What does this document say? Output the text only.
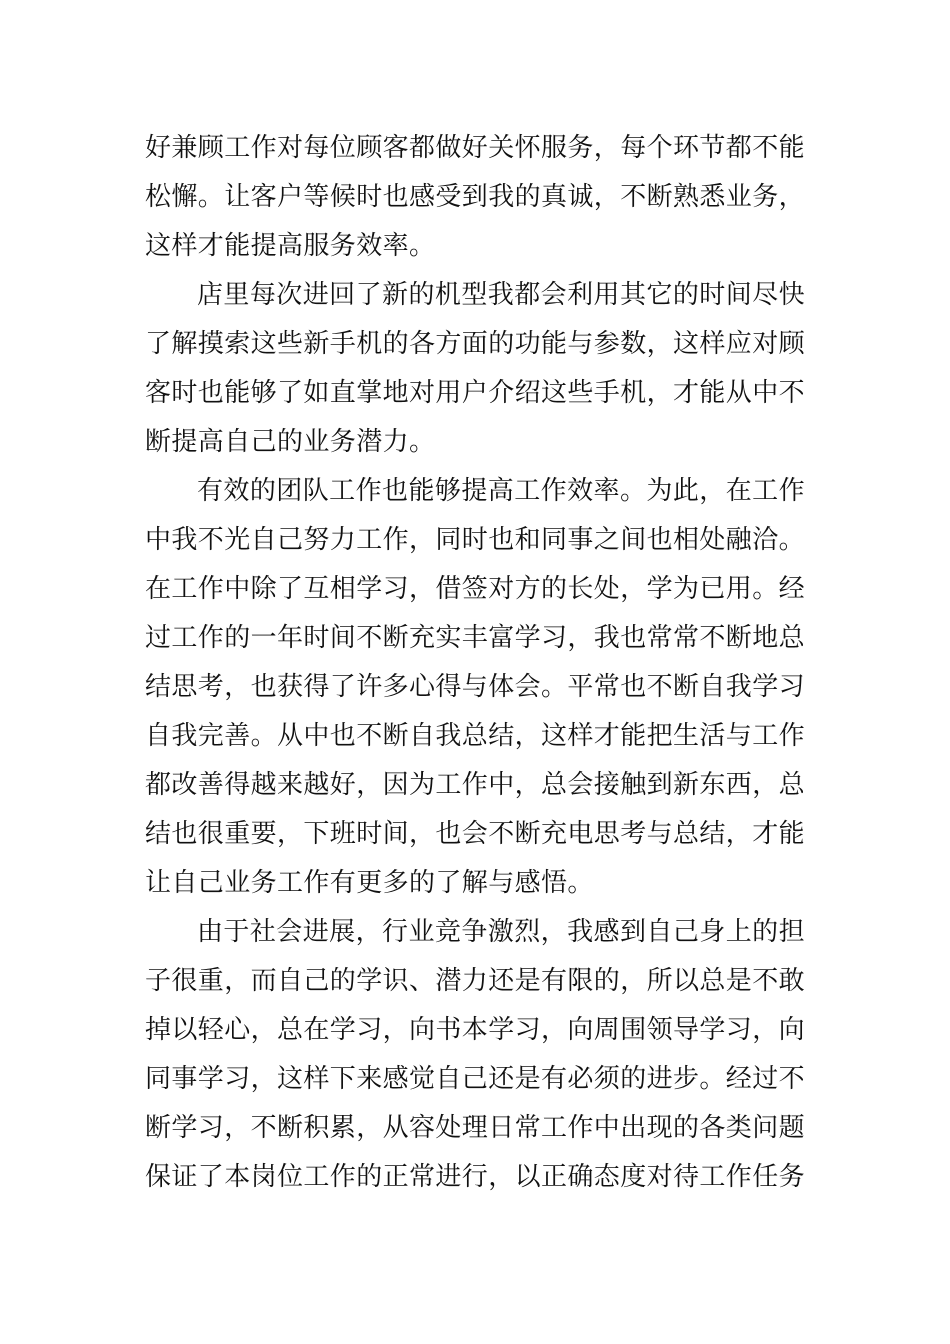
好兼顾工作对每位顾客都做好关怀服务，每个环节都不能
松懈。让客户等候时也感受到我的真诚，不断熟悉业务，
这样才能提高服务效率。
店里每次进回了新的机型我都会利用其它的时间尽快
了解摸索这些新手机的各方面的功能与参数，这样应对顾
客时也能够了如直掌地对用户介绍这些手机，才能从中不
断提高自己的业务潜力。
有效的团队工作也能够提高工作效率。为此，在工作
中我不光自己努力工作，同时也和同事之间也相处融洽。
在工作中除了互相学习，借签对方的长处，学为已用。经
过工作的一年时间不断充实丰富学习，我也常常不断地总
结思考，也获得了许多心得与体会。平常也不断自我学习
自我完善。从中也不断自我总结，这样才能把生活与工作
都改善得越来越好，因为工作中，总会接触到新东西，总
结也很重要，下班时间，也会不断充电思考与总结，才能
让自己业务工作有更多的了解与感悟。
由于社会进展，行业竞争激烈，我感到自己身上的担
子很重，而自己的学识、潜力还是有限的，所以总是不敢
掉以轻心，总在学习，向书本学习，向周围领导学习，向
同事学习，这样下来感觉自己还是有必须的进步。经过不
断学习，不断积累，从容处理日常工作中出现的各类问题
保证了本岗位工作的正常进行，以正确态度对待工作任务
